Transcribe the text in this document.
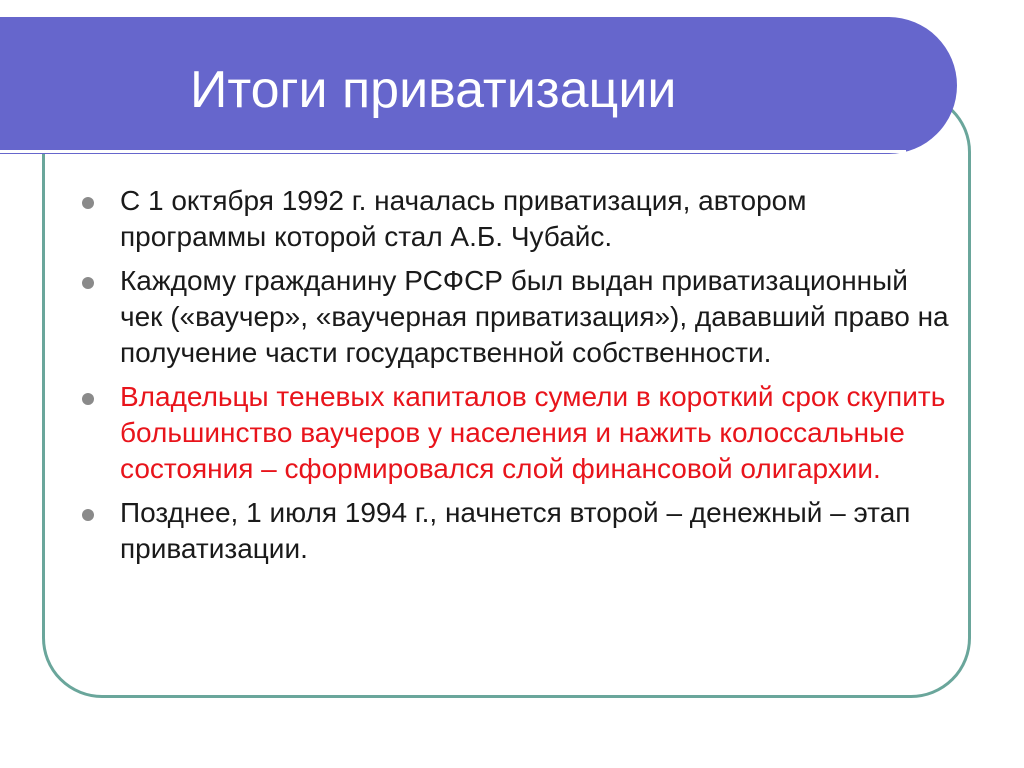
Итоги приватизации
С 1 октября 1992 г. началась приватизация, автором программы которой стал А.Б. Чубайс.
Каждому гражданину РСФСР был выдан приватизационный чек («ваучер», «ваучерная приватизация»), дававший право на получение части государственной собственности.
Владельцы теневых капиталов сумели в короткий срок скупить большинство ваучеров у населения и нажить колоссальные состояния – сформировался слой финансовой олигархии.
Позднее, 1 июля 1994 г., начнется второй – денежный – этап приватизации.
